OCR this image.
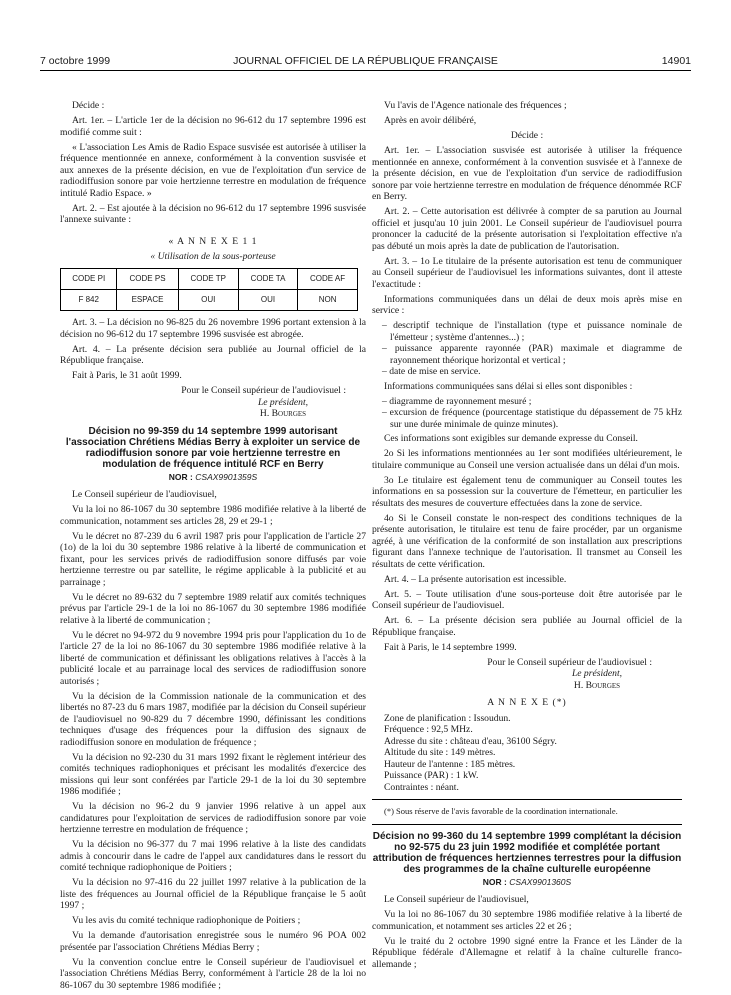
7 octobre 1999	JOURNAL OFFICIEL DE LA RÉPUBLIQUE FRANÇAISE	14901

Décide :

Art. 1er. – L'article 1er de la décision no 96-612 du 17 septembre 1996 est modifié comme suit :

« L'association Les Amis de Radio Espace susvisée est autorisée à utiliser la fréquence mentionnée en annexe, conformément à la convention susvisée et aux annexes de la présente décision, en vue de l'exploitation d'un service de radiodiffusion sonore par voie hertzienne terrestre en modulation de fréquence intitulé Radio Espace. »

Art. 2. – Est ajoutée à la décision no 96-612 du 17 septembre 1996 susvisée l'annexe suivante :

« A N N E X E 1 1

« Utilisation de la sous-porteuse

CODE PI	CODE PS	CODE TP	CODE TA	CODE AF
F 842	ESPACE	OUI	OUI	NON

Art. 3. – La décision no 96-825 du 26 novembre 1996 portant extension à la décision no 96-612 du 17 septembre 1996 susvisée est abrogée.

Art. 4. – La présente décision sera publiée au Journal officiel de la République française.

Fait à Paris, le 31 août 1999.

Pour le Conseil supérieur de l'audiovisuel :

Le président,

H. Bourges

Décision no 99-359 du 14 septembre 1999 autorisant l'association Chrétiens Médias Berry à exploiter un service de radiodiffusion sonore par voie hertzienne terrestre en modulation de fréquence intitulé RCF en Berry
NOR : CSAX9901359S

Le Conseil supérieur de l'audiovisuel,

Vu la loi no 86-1067 du 30 septembre 1986 modifiée relative à la liberté de communication, notamment ses articles 28, 29 et 29-1 ;

Vu le décret no 87-239 du 6 avril 1987 pris pour l'application de l'article 27 (1o) de la loi du 30 septembre 1986 relative à la liberté de communication et fixant, pour les services privés de radiodiffusion sonore diffusés par voie hertzienne terrestre ou par satellite, le régime applicable à la publicité et au parrainage ;

Vu le décret no 89-632 du 7 septembre 1989 relatif aux comités techniques prévus par l'article 29-1 de la loi no 86-1067 du 30 septembre 1986 modifiée relative à la liberté de communication ;

Vu le décret no 94-972 du 9 novembre 1994 pris pour l'application du 1o de l'article 27 de la loi no 86-1067 du 30 septembre 1986 modifiée relative à la liberté de communication et définissant les obligations relatives à l'accès à la publicité locale et au parrainage local des services de radiodiffusion sonore autorisés ;

Vu la décision de la Commission nationale de la communication et des libertés no 87-23 du 6 mars 1987, modifiée par la décision du Conseil supérieur de l'audiovisuel no 90-829 du 7 décembre 1990, définissant les conditions techniques d'usage des fréquences pour la diffusion des signaux de radiodiffusion sonore en modulation de fréquence ;

Vu la décision no 92-230 du 31 mars 1992 fixant le règlement intérieur des comités techniques radiophoniques et précisant les modalités d'exercice des missions qui leur sont conférées par l'article 29-1 de la loi du 30 septembre 1986 modifiée ;

Vu la décision no 96-2 du 9 janvier 1996 relative à un appel aux candidatures pour l'exploitation de services de radiodiffusion sonore par voie hertzienne terrestre en modulation de fréquence ;

Vu la décision no 96-377 du 7 mai 1996 relative à la liste des candidats admis à concourir dans le cadre de l'appel aux candidatures dans le ressort du comité technique radiophonique de Poitiers ;

Vu la décision no 97-416 du 22 juillet 1997 relative à la publication de la liste des fréquences au Journal officiel de la République française le 5 août 1997 ;

Vu les avis du comité technique radiophonique de Poitiers ;

Vu la demande d'autorisation enregistrée sous le numéro 96 POA 002 présentée par l'association Chrétiens Médias Berry ;

Vu la convention conclue entre le Conseil supérieur de l'audiovisuel et l'association Chrétiens Médias Berry, conformément à l'article 28 de la loi no 86-1067 du 30 septembre 1986 modifiée ;

Vu l'avis de l'Agence nationale des fréquences ;

Après en avoir délibéré,

Décide :

Art. 1er. – L'association susvisée est autorisée à utiliser la fréquence mentionnée en annexe, conformément à la convention susvisée et à l'annexe de la présente décision, en vue de l'exploitation d'un service de radiodiffusion sonore par voie hertzienne terrestre en modulation de fréquence dénommée RCF en Berry.

Art. 2. – Cette autorisation est délivrée à compter de sa parution au Journal officiel et jusqu'au 10 juin 2001. Le Conseil supérieur de l'audiovisuel pourra prononcer la caducité de la présente autorisation si l'exploitation effective n'a pas débuté un mois après la date de publication de l'autorisation.

Art. 3. – 1o Le titulaire de la présente autorisation est tenu de communiquer au Conseil supérieur de l'audiovisuel les informations suivantes, dont il atteste l'exactitude :

Informations communiquées dans un délai de deux mois après mise en service :

– descriptif technique de l'installation (type et puissance nominale de l'émetteur ; système d'antennes...) ;
– puissance apparente rayonnée (PAR) maximale et diagramme de rayonnement théorique horizontal et vertical ;
– date de mise en service.

Informations communiquées sans délai si elles sont disponibles :

– diagramme de rayonnement mesuré ;
– excursion de fréquence (pourcentage statistique du dépassement de 75 kHz sur une durée minimale de quinze minutes).

Ces informations sont exigibles sur demande expresse du Conseil.

2o Si les informations mentionnées au 1er sont modifiées ultérieurement, le titulaire communique au Conseil une version actualisée dans un délai d'un mois.

3o Le titulaire est également tenu de communiquer au Conseil toutes les informations en sa possession sur la couverture de l'émetteur, en particulier les résultats des mesures de couverture effectuées dans la zone de service.

4o Si le Conseil constate le non-respect des conditions techniques de la présente autorisation, le titulaire est tenu de faire procéder, par un organisme agréé, à une vérification de la conformité de son installation aux prescriptions figurant dans l'annexe technique de l'autorisation. Il transmet au Conseil les résultats de cette vérification.

Art. 4. – La présente autorisation est incessible.

Art. 5. – Toute utilisation d'une sous-porteuse doit être autorisée par le Conseil supérieur de l'audiovisuel.

Art. 6. – La présente décision sera publiée au Journal officiel de la République française.

Fait à Paris, le 14 septembre 1999.

Pour le Conseil supérieur de l'audiovisuel :

Le président,

H. Bourges

A N N E X E (*)

Zone de planification : Issoudun.

Fréquence : 92,5 MHz.

Adresse du site : château d'eau, 36100 Ségry.

Altitude du site : 149 mètres.

Hauteur de l'antenne : 185 mètres.

Puissance (PAR) : 1 kW.

Contraintes : néant.

(*) Sous réserve de l'avis favorable de la coordination internationale.
Décision no 99-360 du 14 septembre 1999 complétant la décision no 92-575 du 23 juin 1992 modifiée et complétée portant attribution de fréquences hertziennes terrestres pour la diffusion des programmes de la chaîne culturelle européenne
NOR : CSAX9901360S

Le Conseil supérieur de l'audiovisuel,

Vu la loi no 86-1067 du 30 septembre 1986 modifiée relative à la liberté de communication, et notamment ses articles 22 et 26 ;

Vu le traité du 2 octobre 1990 signé entre la France et les Länder de la République fédérale d'Allemagne et relatif à la chaîne culturelle franco-allemande ;
